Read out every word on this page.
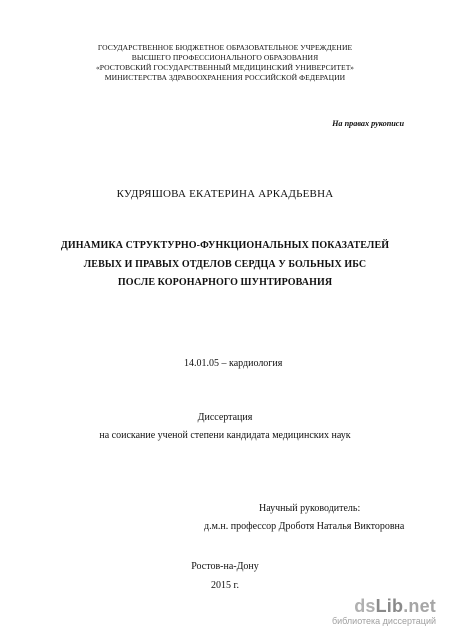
ГОСУДАРСТВЕННОЕ БЮДЖЕТНОЕ ОБРАЗОВАТЕЛЬНОЕ УЧРЕЖДЕНИЕ
ВЫСШЕГО ПРОФЕССИОНАЛЬНОГО ОБРАЗОВАНИЯ
«РОСТОВСКИЙ ГОСУДАРСТВЕННЫЙ МЕДИЦИНСКИЙ УНИВЕРСИТЕТ»
МИНИСТЕРСТВА ЗДРАВООХРАНЕНИЯ РОССИЙСКОЙ ФЕДЕРАЦИИ
На правах рукописи
КУДРЯШОВА ЕКАТЕРИНА АРКАДЬЕВНА
ДИНАМИКА СТРУКТУРНО-ФУНКЦИОНАЛЬНЫХ ПОКАЗАТЕЛЕЙ
ЛЕВЫХ И ПРАВЫХ ОТДЕЛОВ СЕРДЦА У БОЛЬНЫХ ИБС
ПОСЛЕ КОРОНАРНОГО ШУНТИРОВАНИЯ
14.01.05 – кардиология
Диссертация
на соискание ученой степени кандидата медицинских наук
Научный руководитель:
д.м.н. профессор Дроботя Наталья Викторовна
Ростов-на-Дону
2015 г.
dsLib.net
библиотека диссертаций
